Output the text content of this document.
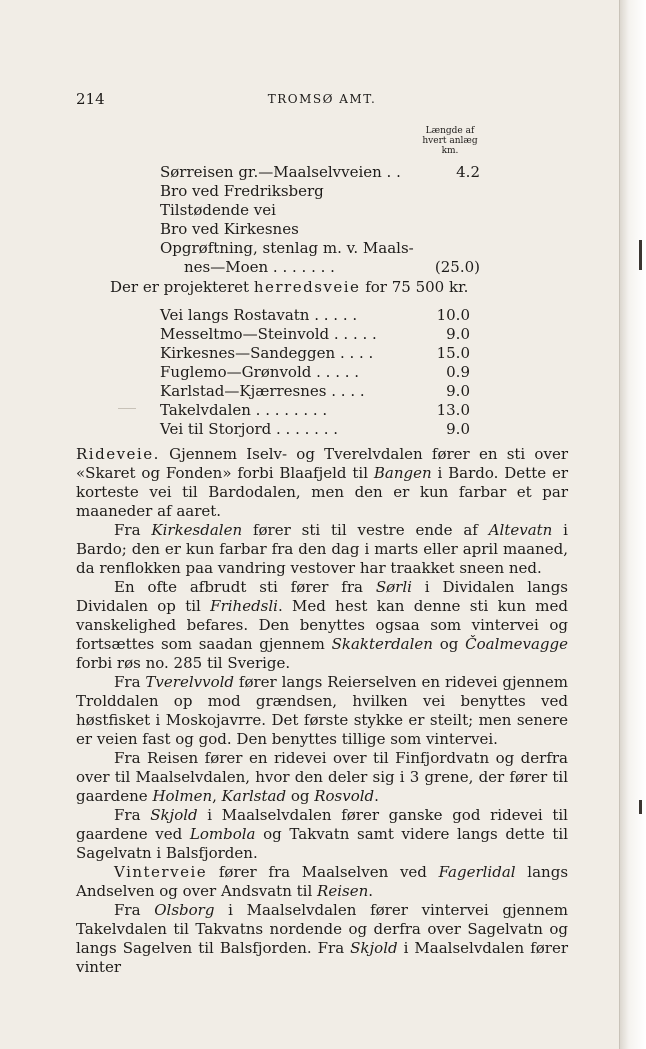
214	TROMSØ AMT.
Længde af
hvert anlæg
km.
Sørreisen gr.—Maalselvveien . .	4.2
Bro ved Fredriksberg
Tilstødende vei
Bro ved Kirkesnes
Opgrøftning, stenlag m. v. Maals-
nes—Moen . . . . . . .	(25.0)
Der er projekteret herredsveie for 75 500 kr.
Vei langs Rostavatn . . . . .	10.0
Messeltmo—Steinvold . . . . .	9.0
Kirkesnes—Sandeggen . . . .	15.0
Fuglemo—Grønvold . . . . .	0.9
Karlstad—Kjærresnes . . . .	9.0
Takelvdalen . . . . . . . .	13.0
Vei til Storjord . . . . . . .	9.0

Rideveie. Gjennem Iselv- og Tverelvdalen fører en sti over «Skaret og Fonden» forbi Blaafjeld til Bangen i Bardo. Dette er korteste vei til Bardodalen, men den er kun farbar et par maaneder af aaret.

Fra Kirkesdalen fører sti til vestre ende af Altevatn i Bardo; den er kun farbar fra den dag i marts eller april maaned, da renflokken paa vandring vestover har traakket sneen ned.

En ofte afbrudt sti fører fra Sørli i Dividalen langs Dividalen op til Frihedsli. Med hest kan denne sti kun med vanskelighed befares. Den benyttes ogsaa som vintervei og fortsættes som saadan gjennem Skakterdalen og Čoalmevagge forbi røs no. 285 til Sverige.

Fra Tverelvvold fører langs Reierselven en ridevei gjennem Trolddalen op mod grændsen, hvilken vei benyttes ved høstfisket i Moskojavrre. Det første stykke er steilt; men senere er veien fast og god. Den benyttes tillige som vintervei.

Fra Reisen fører en ridevei over til Finfjordvatn og derfra over til Maalselvdalen, hvor den deler sig i 3 grene, der fører til gaardene Holmen, Karlstad og Rosvold.

Fra Skjold i Maalselvdalen fører ganske god ridevei til gaardene ved Lombola og Takvatn samt videre langs dette til Sagelvatn i Balsfjorden.

Vinterveie fører fra Maalselven ved Fagerlidal langs Andselven og over Andsvatn til Reisen.

Fra Olsborg i Maalselvdalen fører vintervei gjennem Takelvdalen til Takvatns nordende og derfra over Sagelvatn og langs Sagelven til Balsfjorden. Fra Skjold i Maalselvdalen fører vinter
